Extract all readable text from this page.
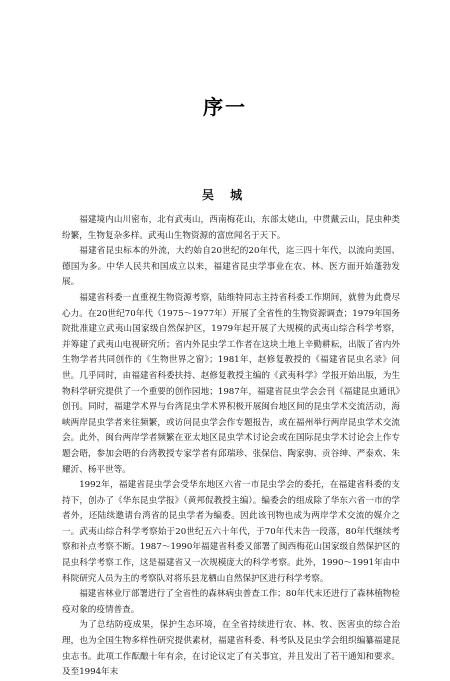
序一
吴 城

福建境内山川密布，北有武夷山，西南梅花山，东部太姥山，中贯戴云山，昆虫种类纷繁，生物复杂多样。武夷山生物资源的富庶闻名于天下。

福建省昆虫标本的外流，大约始自20世纪的20年代，迄三四十年代，以流向美国、德国为多。中华人民共和国成立以来，福建省昆虫学事业在农、林、医方面开始蓬勃发展。

福建省科委一直重视生物资源考察，陆维特同志主持省科委工作期间，就曾为此费尽心力。在20世纪70年代（1975～1977年）开展了全省性的生物资源调查；1979年国务院批准建立武夷山国家级自然保护区，1979年起开展了大规模的武夷山综合科学考察，并筹建了武夷山电视研究所；省内外昆虫学工作者在这块土地上辛勤耕耘，出版了省内外生物学者共同创作的《生物世界之窗》；1981年，赵修复教授的《福建省昆虫名录》问世。几乎同时，由福建省科委扶持、赵修复教授主编的《武夷科学》学报开始出版，为生物科学研究提供了一个重要的创作园地；1987年，福建省昆虫学会会刊《福建昆虫通讯》创刊。同时，福建学术界与台湾昆虫学术界积极开展闽台地区间的昆虫学术交流活动，海峡两岸昆虫学者来往频繁，或访问昆虫学会作专题报告，或在福州举行两岸昆虫学术交流会。此外，闽台两岸学者频繁在亚太地区昆虫学术讨论会或在国际昆虫学术讨论会上作专题会晤，参加会晤的台湾教授专家学者有邱瑞珍、张保信、陶家驹、贡谷绅、严泰欢、朱耀沂、杨平世等。

1992年，福建省昆虫学会受华东地区六省一市昆虫学会的委托，在福建省科委的支持下，创办了《华东昆虫学报》（黄邦侃教授主编）。编委会的组成除了华东六省一市的学者外，还陆续邀请台湾省的昆虫学者为编委。因此该刊物也成为两岸学术交流的媒介之一。武夷山综合科学考察始于20世纪五六十年代，于70年代末告一段落，80年代继续考察和补点考察不断。1987～1990年福建省科委又部署了闽西梅花山国家级自然保护区的昆虫科学考察工作，这是福建省又一次规模庞大的科学考察。此外，1990～1991年由中科院研究人员为主的考察队对将乐县龙栖山自然保护区进行科学考察。

福建省林业厅部署进行了全省性的森林病虫普查工作；80年代末还进行了森林植物检疫对象的疫情普查。

为了总结防疫成果，保护生态环境，在全省持续进行农、林、牧、医害虫的综合治理，也为全国生物多样性研究提供素材，福建省科委、科考队及昆虫学会组织编纂福建昆虫志书。此项工作酝酿十年有余，在讨论议定了有关事宜，并且发出了若干通知和要求。及至1994年末
